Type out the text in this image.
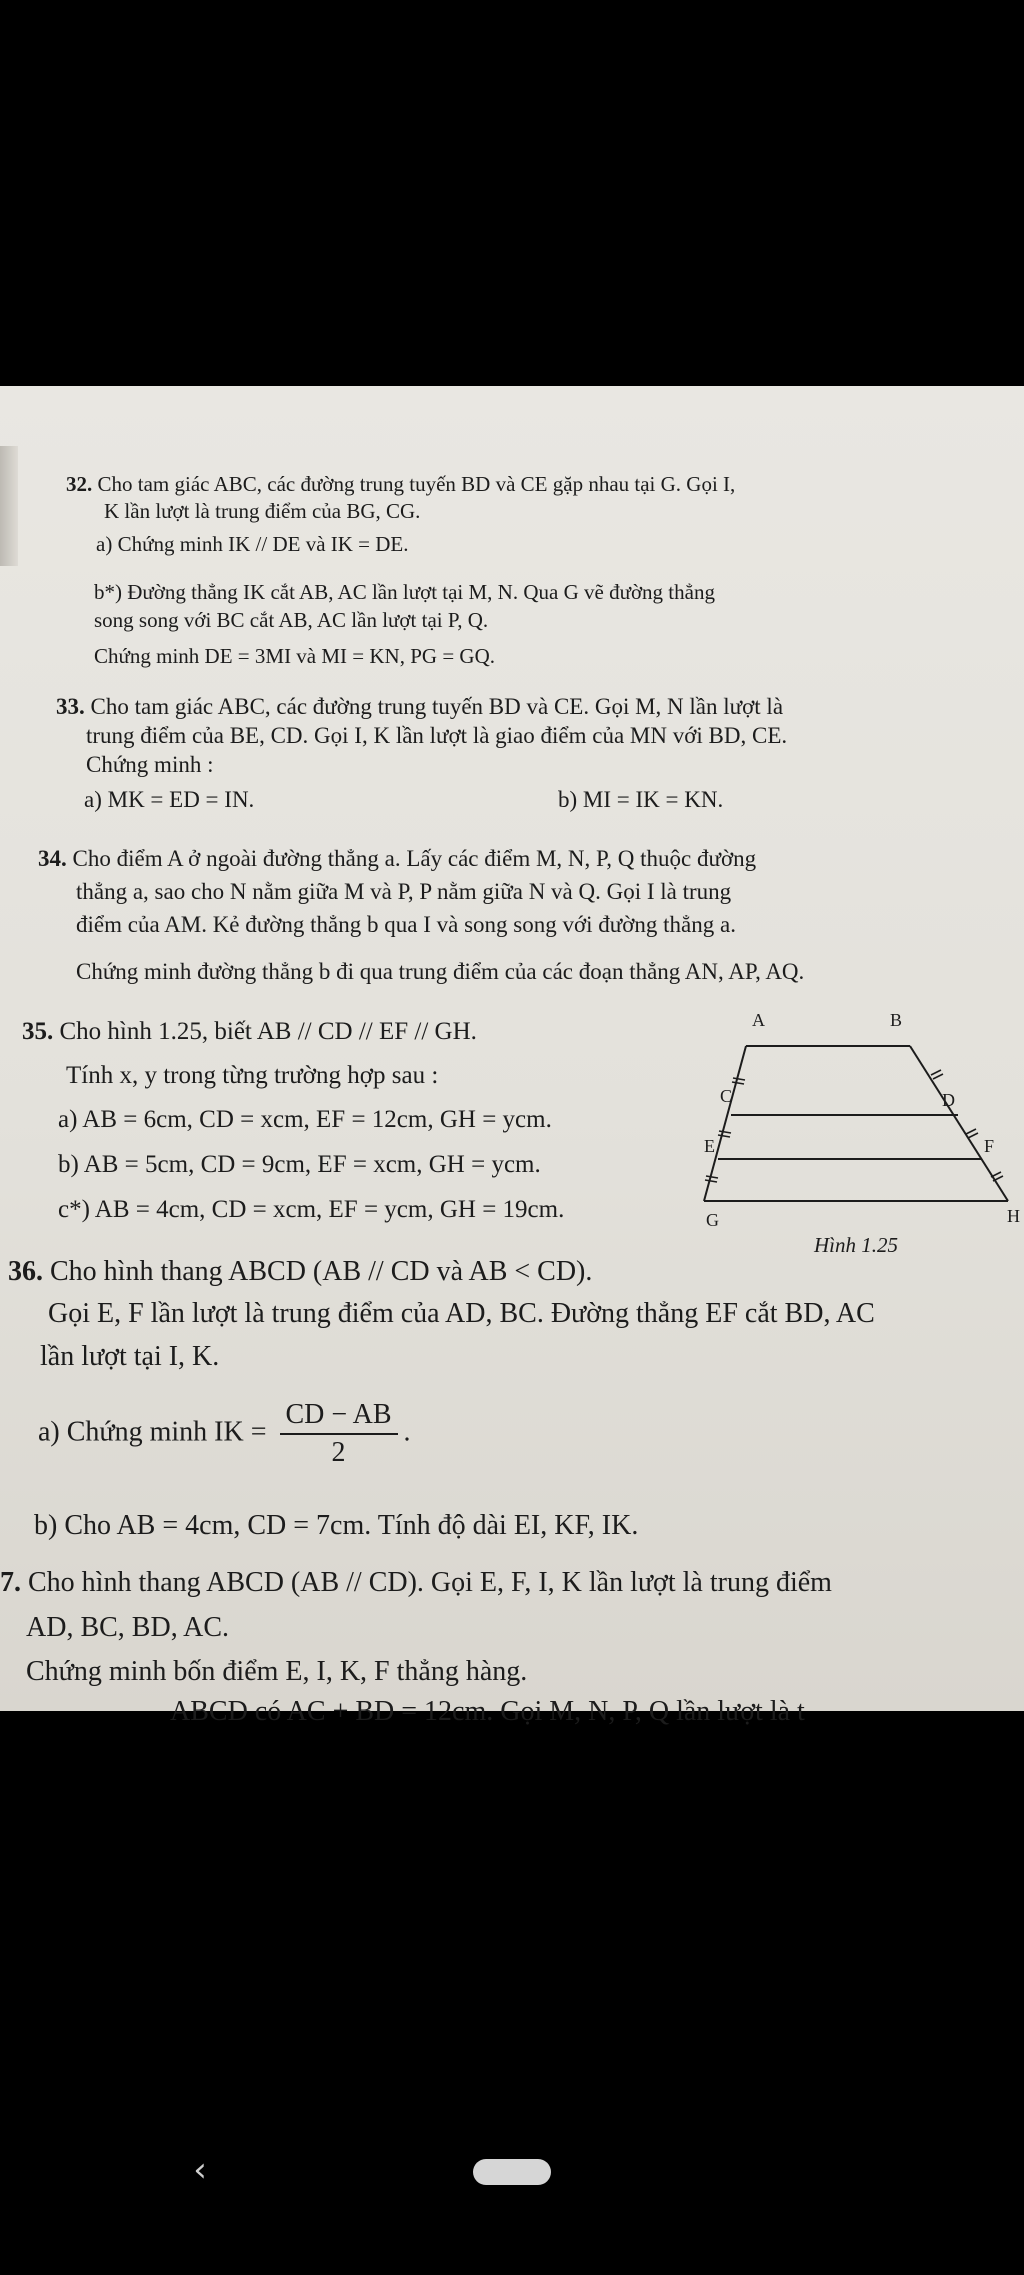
32. Cho tam giác ABC, các đường trung tuyến BD và CE gặp nhau tại G. Gọi I,
K lần lượt là trung điểm của BG, CG.
a) Chứng minh IK // DE và IK = DE.
b*) Đường thẳng IK cắt AB, AC lần lượt tại M, N. Qua G vẽ đường thẳng
song song với BC cắt AB, AC lần lượt tại P, Q.
Chứng minh DE = 3MI và MI = KN, PG = GQ.
33. Cho tam giác ABC, các đường trung tuyến BD và CE. Gọi M, N lần lượt là
trung điểm của BE, CD. Gọi I, K lần lượt là giao điểm của MN với BD, CE.
Chứng minh :
a) MK = ED = IN.	b) MI = IK = KN.
34. Cho điểm A ở ngoài đường thẳng a. Lấy các điểm M, N, P, Q thuộc đường
thẳng a, sao cho N nằm giữa M và P, P nằm giữa N và Q. Gọi I là trung
điểm của AM. Kẻ đường thẳng b qua I và song song với đường thẳng a.
Chứng minh đường thẳng b đi qua trung điểm của các đoạn thẳng AN, AP, AQ.
35. Cho hình 1.25, biết AB // CD // EF // GH.
Tính x, y trong từng trường hợp sau :
a) AB = 6cm, CD = xcm, EF = 12cm, GH = ycm.
b) AB = 5cm, CD = 9cm, EF = xcm, GH = ycm.
c*) AB = 4cm, CD = xcm, EF = ycm, GH = 19cm.
A	B
C	D
E	F
G	H
Hình 1.25
36. Cho hình thang ABCD (AB // CD và AB < CD).
Gọi E, F lần lượt là trung điểm của AD, BC. Đường thẳng EF cắt BD, AC
lần lượt tại I, K.
a) Chứng minh IK = $\frac{CD - AB}{2}$ .
b) Cho AB = 4cm, CD = 7cm. Tính độ dài EI, KF, IK.
7. Cho hình thang ABCD (AB // CD). Gọi E, F, I, K lần lượt là trung điểm
AD, BC, BD, AC.
Chứng minh bốn điểm E, I, K, F thẳng hàng.
ABCD có AC + BD = 12cm. Gọi M, N, P, Q lần lượt là t
‹
